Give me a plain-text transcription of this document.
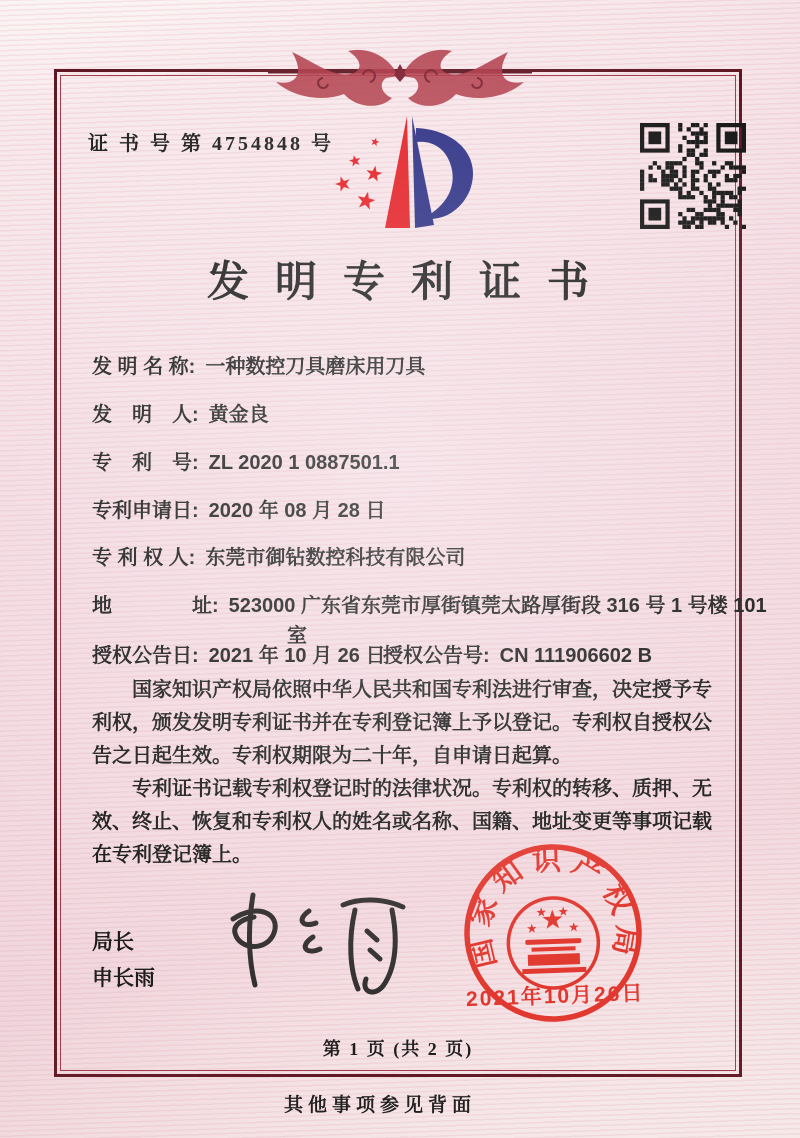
证 书 号 第 4754848 号
发明专利证书
发 明 名 称: 一种数控刀具磨床用刀具
发　明　人: 黄金良
专　利　号: ZL 2020 1 0887501.1
专利申请日: 2020 年 08 月 28 日
专 利 权 人: 东莞市御钻数控科技有限公司
地　　　　址: 523000 广东省东莞市厚街镇莞太路厚街段 316 号 1 号楼 101
室
授权公告日: 2021 年 10 月 26 日
授权公告号: CN 111906602 B

国家知识产权局依照中华人民共和国专利法进行审查，决定授予专利权，颁发发明专利证书并在专利登记簿上予以登记。专利权自授权公告之日起生效。专利权期限为二十年，自申请日起算。

专利证书记载专利权登记时的法律状况。专利权的转移、质押、无效、终止、恢复和专利权人的姓名或名称、国籍、地址变更等事项记载在专利登记簿上。

局长
申长雨
国家知识产权局
2021年10月26日
第 1 页 (共 2 页)
其他事项参见背面
